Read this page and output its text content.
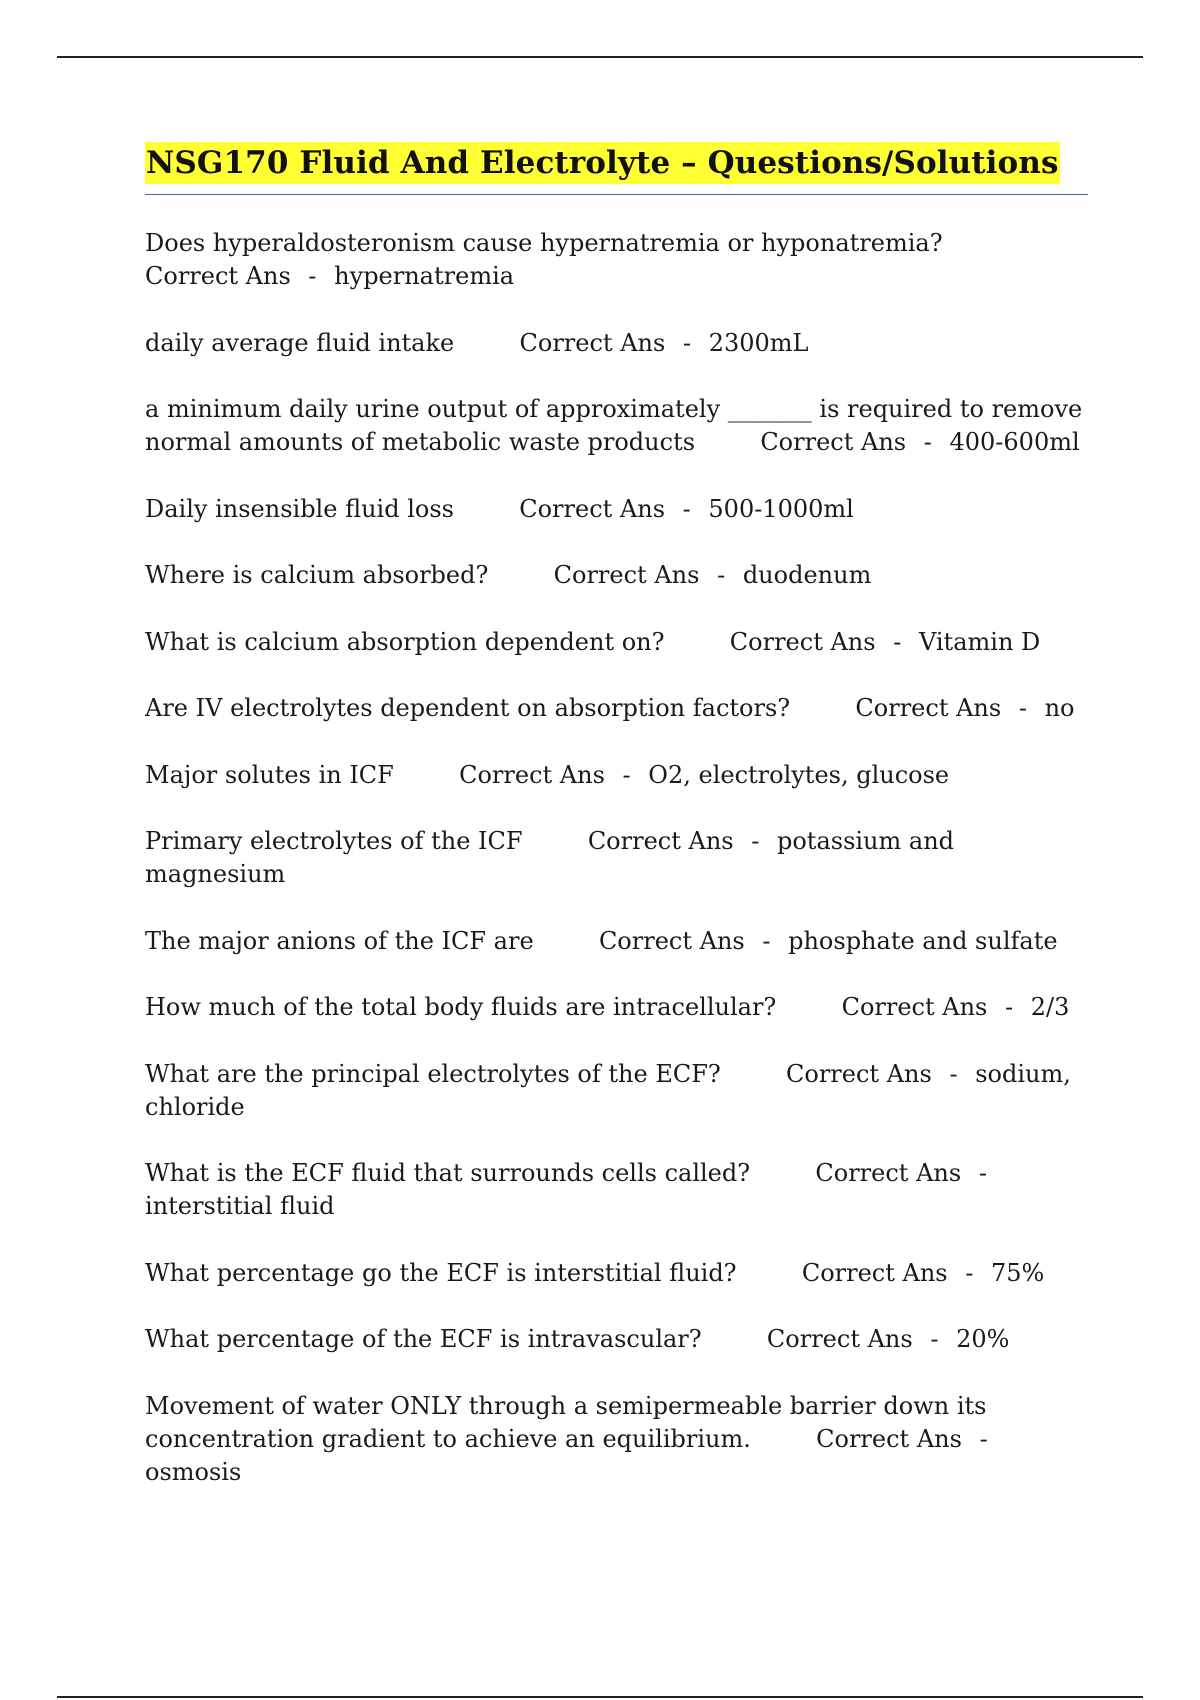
NSG170 Fluid And Electrolyte – Questions/Solutions
Does hyperaldosteronism cause hypernatremia or hyponatremia?  Correct Ans - hypernatremia
daily average fluid intake	Correct Ans - 2300mL
a minimum daily urine output of approximately _______ is required to remove normal amounts of metabolic waste products	Correct Ans - 400-600ml
Daily insensible fluid loss	Correct Ans - 500-1000ml
Where is calcium absorbed?	Correct Ans - duodenum
What is calcium absorption dependent on?	Correct Ans - Vitamin D
Are IV electrolytes dependent on absorption factors?	Correct Ans - no
Major solutes in ICF	Correct Ans - O2, electrolytes, glucose
Primary electrolytes of the ICF	Correct Ans - potassium and magnesium
The major anions of the ICF are	Correct Ans - phosphate and sulfate
How much of the total body fluids are intracellular?	Correct Ans - 2/3
What are the principal electrolytes of the ECF?	Correct Ans - sodium, chloride
What is the ECF fluid that surrounds cells called?	Correct Ans - interstitial fluid
What percentage go the ECF is interstitial fluid?	Correct Ans - 75%
What percentage of the ECF is intravascular?	Correct Ans - 20%
Movement of water ONLY through a semipermeable barrier down its concentration gradient to achieve an equilibrium.	Correct Ans - osmosis
